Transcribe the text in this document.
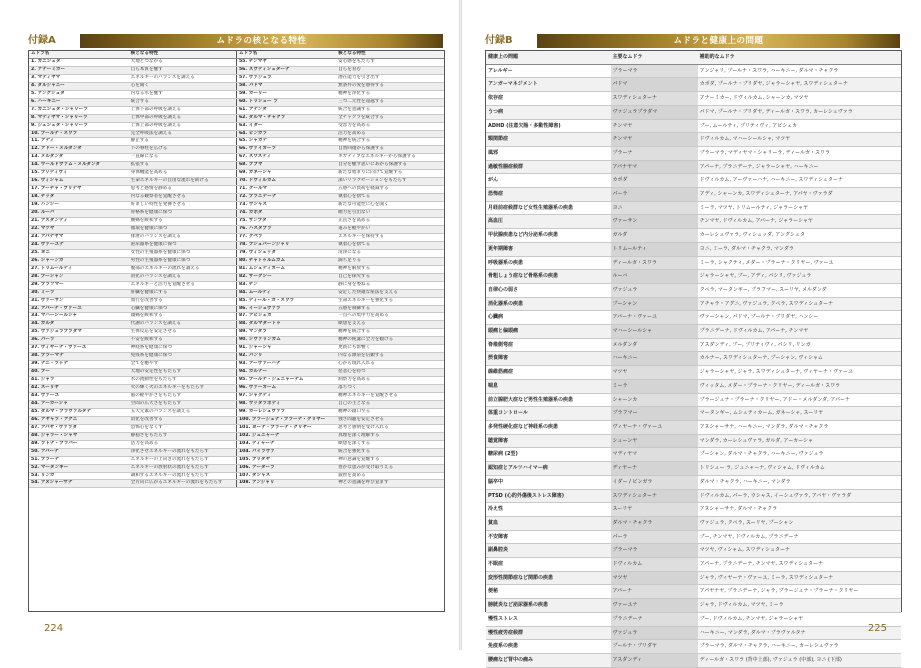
付録A	ムドラの核となる特性
ムドラ名	核となる特性	ムドラ名	核となる特性
1. カニシュタ	大地とつながる	55. チンマヤ	安心感をもたらす
2. アナーミカー	自ら本質を癒す	56. スヴディシュターナ	自らを育む
3. マディヤマ	エネルギーのバランスを調える	57. ヴァジュラ	潜在能力を引き出す
4. タルジャニー	心を開く	58. パドマ	無条件の愛を感得する
5. アングシュタ	内なる水を癒す	59. カーリー	精神を浄化する
6. ハーキニー	統合する	60. トリシュー ラ	三つ二元性を超越する
7. カニシュタ・シャリーラ	上体下部の呼吸を調える	61. アナンダ	統合を意識する
8. マディヤマ・シャリーラ	上体中部の呼吸を調える	62. ダルマ・チャクラ	全チャクラを統合する
9. ジェシュタ・シャリーラ	上体上部の呼吸を調える	63. イダー	受容力を高める
10. プールナ・スワラ	完全呼吸法を調える	64. ピンガラ	活力を高める
11. アディ	静止する	65. シャカテ	精神を統合する
12. アドー・メルダンダ	下の脊柱を広げる	66. ヴァイカーラ	自然回復から保護する
13. メルダンダ	一直線になる	67. スワスティ	ネガティブなエネルギーから保護する
14. ウールドヴァム・メルダンダ	拡張する	68. ブブヤ	自分を癒す思いにあから保護する
15. プリティヴィ	身体機能を高める	69. ガネーシャ	新たな始まりに向けて覚醒する
16. ヴィシャム	生命エネルギーの自由な流れを助ける	70. ドヴィルカム	深いリラクゼーションをもたらす
17. ブーチャ・プリデヤ	思考と感情を静める	71. クールマ	五感への負荷を軽減する
18. チッタ	内なる観察者を覚醒させる	72. プラニデーナ	執着心を捨てる
19. ハンシー	好ましい特性を発揮させる	73. ウシャス	新たな可能性に心を開く
20. ルーバ	骨格系を健康に保つ	74. カポダ	贈力を引出ない
21. アスダンディ	腰痛を緩和する	75. サンプタ	正直さを高める
22. マツヤ	循環を健康に保つ	76. ハスタプラ	道みを軽やかい
23. アパナヤマ	排泄のバランスを調える	77. クペラ	エネルギーを保持する
24. ヴァーユナ	泌尿器系を健康に保つ	78. ブシュパーンジャリ	執着心を捨てる
25. ヨニ	女性の生殖器系を健康に保つ	79. ヴィシュッダ	清浄になる
26. シャーンカ	男性の生殖器系を健康に保つ	80. チャトゥルムカム	満ち足りる
27. トリムールティ	腹部のエネルギーの流れを調える	81. ムシュティカーム	精神を解放する
28. プーシャン	消化のバランスを調える	82. サークシー	自己を探究する
29. プラフマー	エネルギーと活力を覚醒させる	83. チン	静に身を委ねる
30. ミーラ	肝臓を健康にする	84. ムールティ	安定した快適な座法を支える
31. ヴァーサン	血行を改善する	85. ディール・ガ・スワラ	生命エネルギーを強化する
32. アパーナ・ヴァーユ	心臓を健康に保つ	86. イーシュヴァラ	五感を制御する
33. マハーシールシャ	頭痛を緩和する	87. アビシェカ	一点への集中力を高める
34. ガルダ	代謝のバランスを調える	88. ダルマダートゥ	瞑想を支える
35. ヴァジュラプラダマ	生体反応を安定させる	89. マンダラ	精神を統合する
36. パーラ	不安を緩和する	90. シヴァリンガム	精神の純潔に全力を傾ける
37. ヴィヤーナ・ヴァーユ	神経系を健康に保つ	91. ジャーシャ	更新にも影響く
38. プラーマナ	免疫系を健康に保つ	92. パンリ	内なる源泉を信頼する
39. ナニ・ラトナ	全てを癒やす	93. アーヴァーハナ	心から現れ入れる
40. ブー	大地の安定性をもたらす	94. カルナー	慈悲心を持つ
41. ジャラ	水の流動性をもたらす	95. プールナ・ジュニャーナム	洞察力を高める
42. スーリヤ	火の輝く火のエネルギーをもたらす	96. ヴァーカーム	落ちつく
43. ヴァーユ	風の軽やかさをもたらす	97. シャクティ	精神エネルギーを覚醒させる
44. アーカーシャ	空間の広大さをもたらす	98. ウッタラボディ	自己の主となる
45. ダルマ・プラヴァルタナ	五大元素のバランスを調える	99. カーレシュヴァラ	精神の創口至る
46. アヤャラ・アグニ	消化を改善する	100. プラージュナ・プラーナ・クリヤー	強さ問題を安定させる
47. アパヤ・ヴァラダ	恐怖心をなくす	101. ヨーナ・プラーナ・クリヤー	思考と感情を受け入れる
48. ジャラー・シャヤ	静穏さをもたらす	102. ジュニャーナ	真理を深く理解する
49. ラトナ・プラバー	活力を高める	103. ディャーナ	瞑想を深くする
50. アパーナ	浄化させエネルギーの流れをもたらす	104. バイラヴァ	統合を強化する
51. プラーナ	エネルギーの上向きの流れをもたらす	105. ブリダヤ	神の意識を覚醒する
52. マータンギー	エネルギーの放射状の流れをもたらす	106. アーダーラ	豊かな恵みが受け取りえる
53. リンガ	調和するエネルギーの流れをもたらす	107. ダシャス	叡智を高める
54. アヌシャーサナ	全方向に広がるエネルギーの流れをもたらす	108. アンジャリ	神との意識を呼び覚ます
224
付録B	ムドラと健康上の問題
健康上の問題	主要なムドラ	補助的なムドラ
アレルギー	プラーマラ	アンジャリ, プールナ・スワラ, ハーキニー, ダルマ・チャクラ
アンガーマネジメント	パドマ	カポダ, プールナ・ブリダヤ, ジャラーシャヤ, スワディシュターナ
依存症	スワディシュターナ	アナーミカー, ドヴィルカム, シャーンカ, マツヤ
うつ病	ヴァジュラプラダマ	パドマ, プールナ・ブリダヤ, ディールガ・スワラ, カーレシュヴァラ
ADHD (注意欠陥・多動性障害)	チンマヤ	ブー, ムールティ, プリティヴィ, アビシェカ
頸関節症	チンマヤ	ドヴィルカム, マハーシールシャ, マツヤ
風邪	プラーナ	プラーマラ, マディヤマ・シャリーラ, ディールガ・スワラ
過敏性腸症候群	アパナヤマ	アパーナ, プラニデーナ, ジャラーシャヤ, ハーキニー
がん	カポダ	ドヴィルカム, アーヴァーハナ, ハーキニー, スワディシュターナ
恐怖症	パーラ	アディ, シャーンカ, スワディシュターナ, アパヤ・ヴァラダ
月経前症候群など女性生殖器系の疾患	ヨニ	ミーラ, マツヤ, トリムールティ, ジャラーシャヤ
高血圧	ヴァーサン	チンマヤ, ドヴィルカム, アパーナ, ジャラーシャヤ
甲状腺疾患など内分泌系の疾患	ガルダ	カーレシュヴァラ, ヴィシュッダ, アングシュタ
更年期障害	トリムールティ	ヨニ, ミーラ, ダルマ・チャクラ, マンダラ
呼吸器系の疾患	ディールガ・スワラ	ミーラ, シャクティ, メダー・プラーナ・クリヤー, ヴァーユ
骨粗しょう症など骨格系の疾患	ルーバ	ジャラーシャヤ, ブー, アディ, パシリ, ヴァジュラ
自律心の弱さ	ヴァジュラ	クペラ, マータンギー, プラフマー, スーリヤ, メルダンダ
消化器系の疾患	プーシャン	アチャラ・アグニ, ヴァジュラ, クペラ, スワディシュターナ
心臓病	アパーナ・ヴァーユ	ヴァーシャン, パドマ, ブールナ・ブリダヤ, ハンシー
頭痛と偏頭痛	マハーシールシャ	プラニデーナ, ドヴィルカム, アパーナ, チンマヤ
脊椎側弯症	メルダンダ	アスダンディ, ブー, プリティヴィ, パシリ, リンガ
摂食障害	ハーキニー	カルナー, スワディシュターナ, プーシャン, ヴィシャム
線維筋痛症	マツヤ	ジャラーシャヤ, ジャラ, スワディシュターナ, ヴィヤーナ・ヴァーユ
喘息	ミーラ	ヴィッタム, メダー・プラーナ・クリヤー, ディールガ・スワラ
前立腺肥大症など男性生殖器系の疾患	シャーンカ	プラージュナ・プラーナ・クリヤー, アドー・メルダンダ, アパーナ
体重コントロール	プラフマー	マータンギー, ムシュティカーム, ガネーシャ, スーリヤ
多発性硬化症など神経系の疾患	ヴィヤーナ・ヴァーユ	アヌシャーサナ, ハーキニー, マンダラ, ダルマ・チャクラ
聴覚障害	シューンヤ	マンダラ, カーレシュヴァラ, ガルダ, アーカーシャ
糖尿病 (2型)	マディヤマ	プーシャン, ダルマ・チャクラ, ハーキニー, ヴァジュラ
認知症とアルツハイマー病	ディヤーナ	トリシュー ラ, ジュニャーナ, ヴィシャム, ドヴィルカム
脳卒中	イダー / ピンガラ	ダルマ・チャクラ, ハーキニー, マンダラ
PTSD (心的外傷後ストレス障害)	スワディシュターナ	ドヴィルカム, パーラ, ウシャス, イーシュヴァラ, アバヤ・ヴァラダ
冷え性	スーリヤ	アヌシャーサナ, ダルマ・チャクラ
貧血	ダルマ・チャクラ	ヴァジュラ, クペラ, スーリヤ, プーシャン
不安障害	パーラ	ブー, チンマヤ, ドヴィルカム, プラニデーナ
副鼻腔炎	プラーマラ	マツヤ, ヴィシャム, スワディシュターナ
不眠症	ドヴィルカム	アパーナ, プラニデーナ, チンマヤ, スワディシュターナ
変形性関節症など関節の疾患	マツヤ	ジャラ, ヴィヤーナ・ヴァーユ, ミーラ, スワディシュターナ
便秘	アパーナ	アパヤナヤ, プラニデーナ, ジャラ, プラージュナ・プラーナ・クリヤー
膀胱炎など泌尿器系の疾患	ヴァーユナ	ジャラ, ドヴィルカム, マツヤ, ミーラ
慢性ストレス	プラニデーナ	ブー, ドヴィルカム, チンマヤ, ジャラーシャヤ
慢性疲労症候群	ヴァジュラ	ハーキニー, マンダラ, ダルマ・プラヴァルタナ
免疫系の疾患	プールナ・ブリダヤ	プラーマラ, ダルマ・チャクラ, ハーキニー, カーレシュヴァラ
腰痛など背中の痛み	アスダンディ	ディールガ・スワラ (背中上部), ヴァジュラ (中部), ヨニ (下部)
225
